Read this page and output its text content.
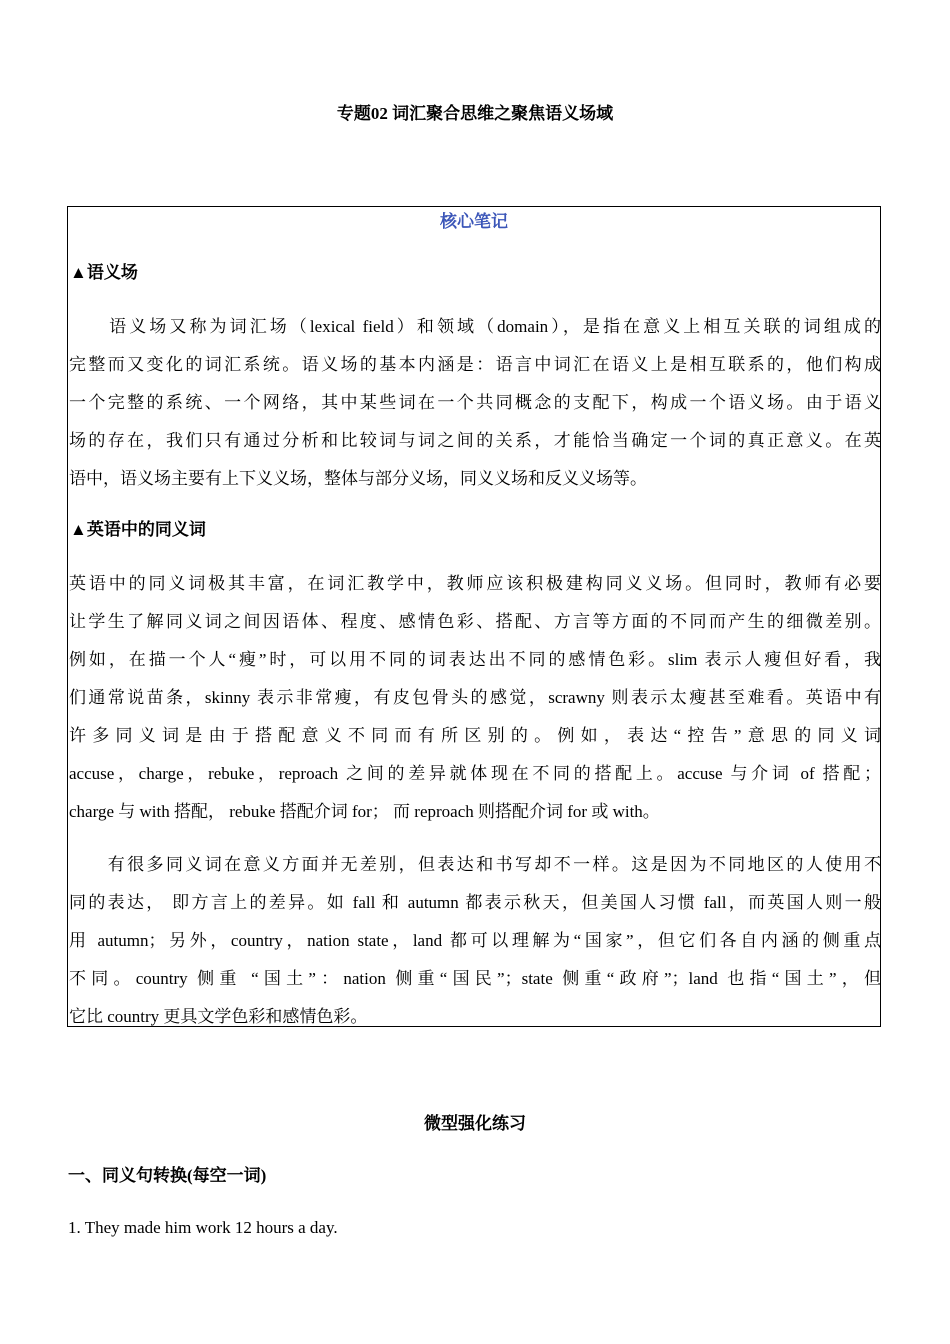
专题02 词汇聚合思维之聚焦语义场域
核心笔记
▲语义场
　　语义场又称为词汇场（lexical field）和领域（domain），是指在意义上相互关联的词组成的
完整而又变化的词汇系统。语义场的基本内涵是：语言中词汇在语义上是相互联系的，他们构成
一个完整的系统、一个网络，其中某些词在一个共同概念的支配下，构成一个语义场。由于语义
场的存在，我们只有通过分析和比较词与词之间的关系，才能恰当确定一个词的真正意义。在英
语中，语义场主要有上下义义场，整体与部分义场，同义义场和反义义场等。
▲英语中的同义词
英语中的同义词极其丰富，在词汇教学中，教师应该积极建构同义义场。但同时，教师有必要
让学生了解同义词之间因语体、程度、感情色彩、搭配、方言等方面的不同而产生的细微差别。
例如，在描一个人“瘦”时，可以用不同的词表达出不同的感情色彩。slim 表示人瘦但好看，我
们通常说苗条，skinny 表示非常瘦，有皮包骨头的感觉，scrawny 则表示太瘦甚至难看。英语中有
许多同义词是由于搭配意义不同而有所区别的。例如，表达“控告”意思的同义词
accuse，charge，rebuke，reproach 之间的差异就体现在不同的搭配上。accuse 与介词 of 搭配；
charge 与 with 搭配， rebuke 搭配介词 for； 而 reproach 则搭配介词 for 或 with。
　　有很多同义词在意义方面并无差别，但表达和书写却不一样。这是因为不同地区的人使用不
同的表达， 即方言上的差异。如 fall 和 autumn 都表示秋天，但美国人习惯 fall，而英国人则一般
用 autumn；另外，country，nation state，land 都可以理解为“国家”，但它们各自内涵的侧重点
不同。country 侧重 “国土”：nation 侧重“国民”；state 侧重“政府”；land 也指“国土”，但
它比 country 更具文学色彩和感情色彩。
微型强化练习
一、同义句转换(每空一词)
1. They made him work 12 hours a day.
